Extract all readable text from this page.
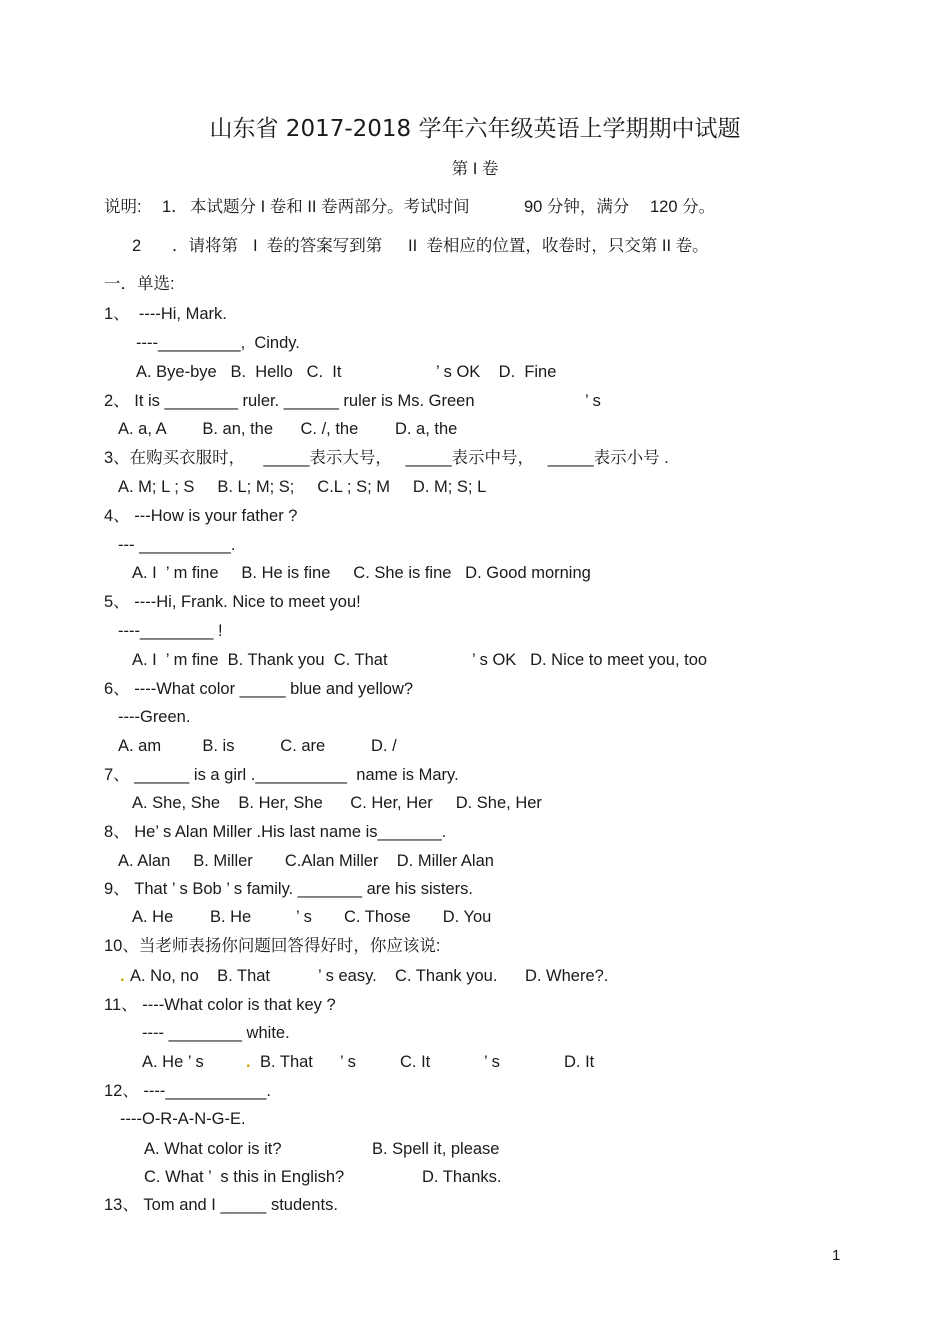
山东省 2017-2018 学年六年级英语上学期期中试题
第 I 卷
说明: 1． 本试题分 I 卷和 II 卷两部分。考试时间	90 分钟，满分 120 分。
2 ．请将第 I  卷的答案写到第 II  卷相应的位置，收卷时，只交第 II 卷。
一．单选:
1、  ----Hi, Mark.
----_________,  Cindy.
A. Bye-bye   B.  Hello   C.  It	’ s OK    D.  Fine
2、 It is ________ ruler. ______ ruler is Ms. Green	’ s
A. a, A        B. an, the      C. /, the        D. a, the
3、在购买衣服时，    _____表示大号，   _____表示中号，   _____表示小号 .
A. M; L ; S     B. L; M; S;     C.L ; S; M     D. M; S; L
4、 ---How is your father ?
--- __________.
A. I  ’ m fine     B. He is fine     C. She is fine   D. Good morning
5、 ----Hi, Frank. Nice to meet you!
----________ !
A. I  ’ m fine  B. Thank you  C. That	’ s OK   D. Nice to meet you, too
6、 ----What color _____ blue and yellow?
----Green.
A. am         B. is          C. are          D. /
7、 ______ is a girl .__________  name is Mary.
A. She, She    B. Her, She      C. Her, Her     D. She, Her
8、 He’ s Alan Miller .His last name is_______.
A. Alan     B. Miller       C.Alan Miller    D. Miller Alan
9、 That ’ s Bob ’ s family. _______ are his sisters.
A. He        B. He	’ s       C. Those       D. You
10、当老师表扬你问题回答得好时，你应该说:
. A. No, no    B. That	’ s easy.    C. Thank you.      D. Where?.
11、 ----What color is that key ?
---- ________ white.
A. He ’ s	. B. That ’ s	C. It	’ s	D. It
12、 ----___________.
----O-R-A-N-G-E.
A. What color is it?	B. Spell it, please
C. What ’  s this in English?	D. Thanks.
13、 Tom and I _____ students.
1
